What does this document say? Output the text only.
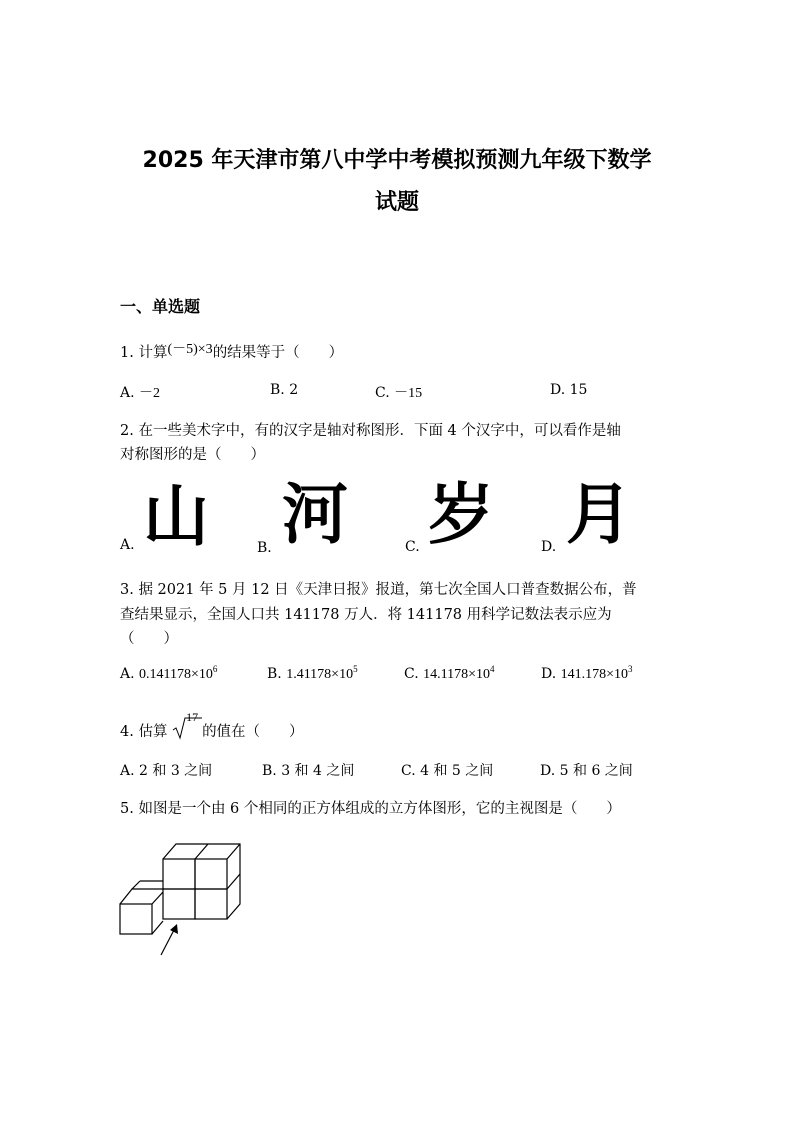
2025 年天津市第八中学中考模拟预测九年级下数学
试题
一、单选题
1. 计算(－5)×3的结果等于（　　）
A. －2	B. 2	C. －15	D. 15
2. 在一些美术字中，有的汉字是轴对称图形．下面 4 个汉字中，可以看作是轴
对称图形的是（　　）
A. 山	B. 河	C. 岁	D. 月
3. 据 2021 年 5 月 12 日《天津日报》报道，第七次全国人口普查数据公布，普
查结果显示，全国人口共 141178 万人．将 141178 用科学记数法表示应为
（　　）
A. $0.141178\times 10^6$	B. $1.41178\times 10^5$	C. $14.1178\times 10^4$	D. $141.178\times 10^3$
4. 估算
17
的值在（　　）
A. 2 和 3 之间	B. 3 和 4 之间	C. 4 和 5 之间	D. 5 和 6 之间
5. 如图是一个由 6 个相同的正方体组成的立方体图形，它的主视图是（　　）
